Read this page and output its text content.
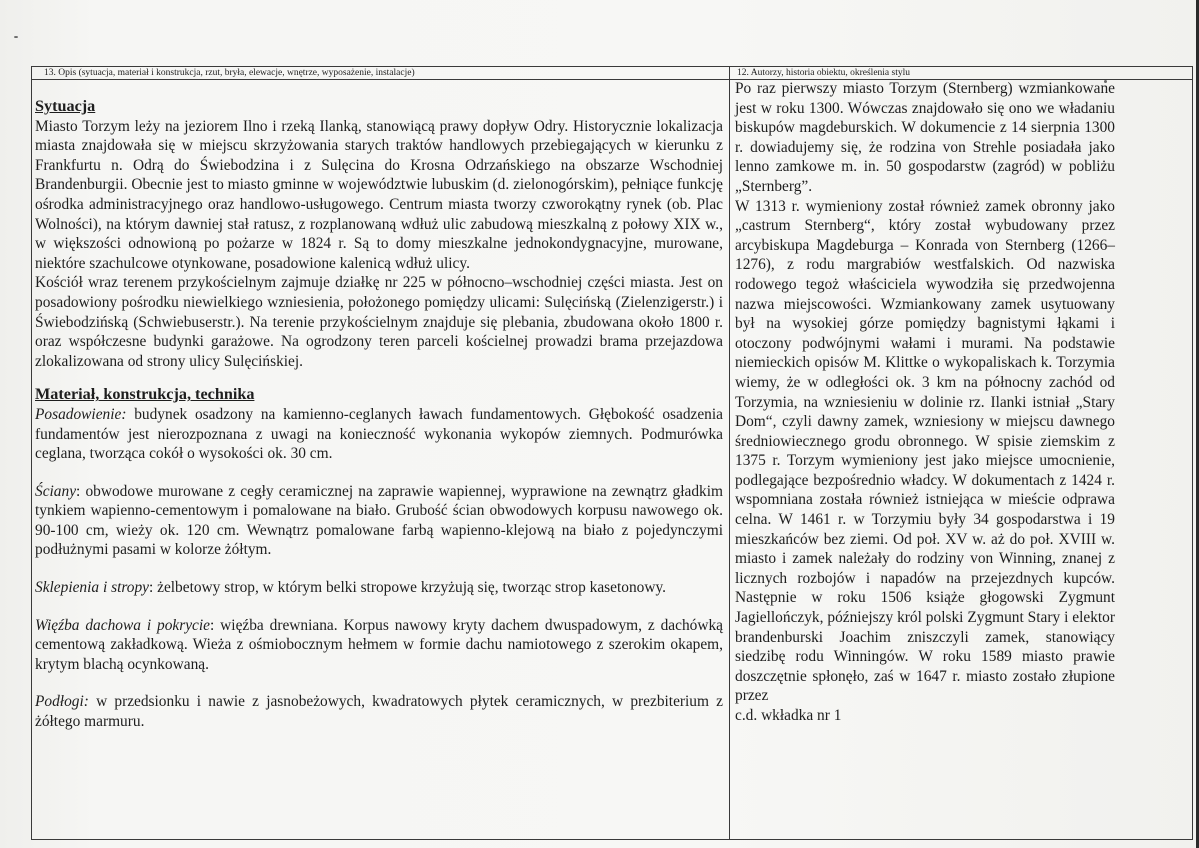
13. Opis (sytuacja, materiał i konstrukcja, rzut, bryła, elewacje, wnętrze, wyposażenie, instalacje)	12. Autorzy, historia obiektu, określenia stylu

Sytuacja

Miasto Torzym leży na jeziorem Ilno i rzeką Ilanką, stanowiącą prawy dopływ Odry. Historycznie lokalizacja miasta znajdowała się w miejscu skrzyżowania starych traktów handlowych przebiegających w kierunku z Frankfurtu n. Odrą do Świebodzina i z Sulęcina do Krosna Odrzańskiego na obszarze Wschodniej Brandenburgii. Obecnie jest to miasto gminne w województwie lubuskim (d. zielonogórskim), pełniące funkcję ośrodka administracyjnego oraz handlowo-usługowego. Centrum miasta tworzy czworokątny rynek (ob. Plac Wolności), na którym dawniej stał ratusz, z rozplanowaną wdłuż ulic zabudową mieszkalną z połowy XIX w., w większości odnowioną po pożarze w 1824 r. Są to domy mieszkalne jednokondygnacyjne, murowane, niektóre szachulcowe otynkowane, posadowione kalenicą wdłuż ulicy.

Kościół wraz terenem przykościelnym zajmuje działkę nr 225 w północno–wschodniej części miasta. Jest on posadowiony pośrodku niewielkiego wzniesienia, położonego pomiędzy ulicami: Sulęcińską (Zielenzigerstr.) i Świebodzińską (Schwiebuserstr.). Na terenie przykościelnym znajduje się plebania, zbudowana około 1800 r. oraz współczesne budynki garażowe. Na ogrodzony teren parceli kościelnej prowadzi brama przejazdowa zlokalizowana od strony ulicy Sulęcińskiej.

Materiał, konstrukcja, technika

Posadowienie: budynek osadzony na kamienno-ceglanych ławach fundamentowych. Głębokość osadzenia fundamentów jest nierozpoznana z uwagi na konieczność wykonania wykopów ziemnych. Podmurówka ceglana, tworząca cokół o wysokości ok. 30 cm.

Ściany: obwodowe murowane z cegły ceramicznej na zaprawie wapiennej, wyprawione na zewnątrz gładkim tynkiem wapienno-cementowym i pomalowane na biało. Grubość ścian obwodowych korpusu nawowego ok. 90-100 cm, wieży ok. 120 cm. Wewnątrz pomalowane farbą wapienno-klejową na biało z pojedynczymi podłużnymi pasami w kolorze żółtym.

Sklepienia i stropy: żelbetowy strop, w którym belki stropowe krzyżują się, tworząc strop kasetonowy.

Więźba dachowa i pokrycie: więźba drewniana. Korpus nawowy kryty dachem dwuspadowym, z dachówką cementową zakładkową. Wieża z ośmiobocznym hełmem w formie dachu namiotowego z szerokim okapem, krytym blachą ocynkowaną.

Podłogi: w przedsionku i nawie z jasnobeżowych, kwadratowych płytek ceramicznych, w prezbiterium z żółtego marmuru.

Po raz pierwszy miasto Torzym (Sternberg) wzmiankowane jest w roku 1300. Wówczas znajdowało się ono we władaniu biskupów magdeburskich. W dokumencie z 14 sierpnia 1300 r. dowiadujemy się, że rodzina von Strehle posiadała jako lenno zamkowe m. in. 50 gospodarstw (zagród) w pobliżu „Sternberg”.

W 1313 r. wymieniony został również zamek obronny jako „castrum Sternberg“, który został wybudowany przez arcybiskupa Magdeburga – Konrada von Sternberg (1266–1276), z rodu margrabiów westfalskich. Od nazwiska rodowego tegoż właściciela wywodziła się przedwojenna nazwa miejscowości. Wzmiankowany zamek usytuowany był na wysokiej górze pomiędzy bagnistymi łąkami i otoczony podwójnymi wałami i murami. Na podstawie niemieckich opisów M. Klittke o wykopaliskach k. Torzymia wiemy, że w odległości ok. 3 km na północny zachód od Torzymia, na wzniesieniu w dolinie rz. Ilanki istniał „Stary Dom“, czyli dawny zamek, wzniesiony w miejscu dawnego średniowiecznego grodu obronnego. W spisie ziemskim z 1375 r. Torzym wymieniony jest jako miejsce umocnienie, podlegające bezpośrednio władcy. W dokumentach z 1424 r. wspomniana została również istniejąca w mieście odprawa celna. W 1461 r. w Torzymiu były 34 gospodarstwa i 19 mieszkańców bez ziemi. Od poł. XV w. aż do poł. XVIII w. miasto i zamek należały do rodziny von Winning, znanej z licznych rozbojów i napadów na przejezdnych kupców. Następnie w roku 1506 książe głogowski Zygmunt Jagiellończyk, późniejszy król polski Zygmunt Stary i elektor brandenburski Joachim zniszczyli zamek, stanowiący siedzibę rodu Winningów. W roku 1589 miasto prawie doszczętnie spłonęło, zaś w 1647 r. miasto zostało złupione przez

c.d. wkładka nr 1
